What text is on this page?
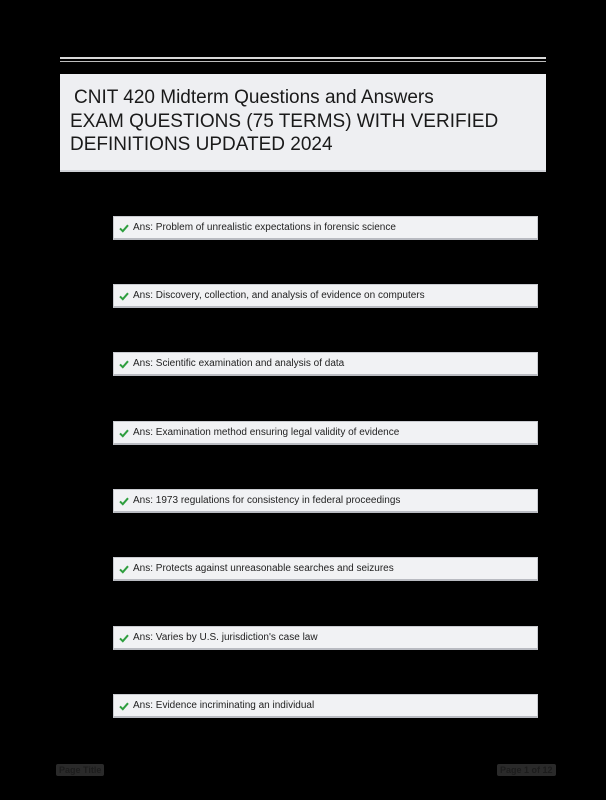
CNIT 420 Midterm Questions and Answers
EXAM QUESTIONS (75 TERMS) WITH VERIFIED
DEFINITIONS UPDATED 2024
Ans: Problem of unrealistic expectations in forensic science
Ans: Discovery, collection, and analysis of evidence on computers
Ans: Scientific examination and analysis of data
Ans: Examination method ensuring legal validity of evidence
Ans: 1973 regulations for consistency in federal proceedings
Ans: Protects against unreasonable searches and seizures
Ans: Varies by U.S. jurisdiction's case law
Ans: Evidence incriminating an individual
Page Title	Page 1 of 12
